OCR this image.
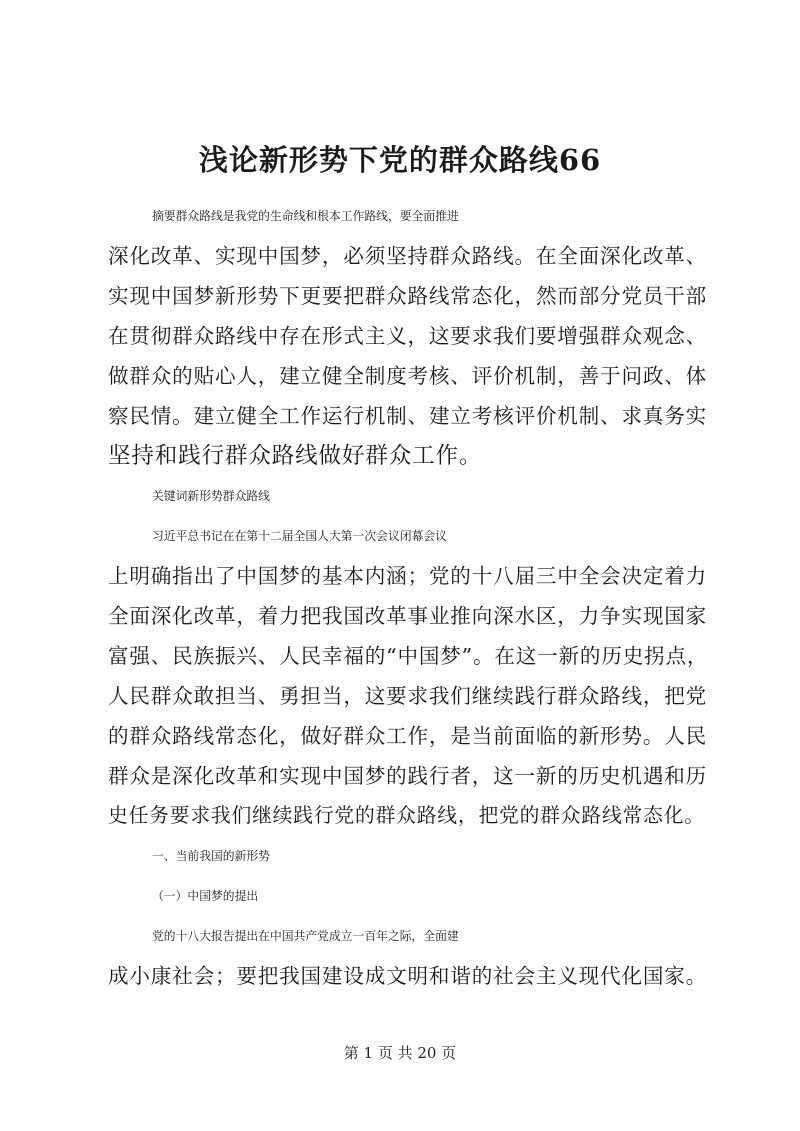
浅论新形势下党的群众路线66

摘要群众路线是我党的生命线和根本工作路线，要全面推进

深化改革、实现中国梦，必须坚持群众路线。在全面深化改革、

实现中国梦新形势下更要把群众路线常态化，然而部分党员干部

在贯彻群众路线中存在形式主义，这要求我们要增强群众观念、

做群众的贴心人，建立健全制度考核、评价机制，善于问政、体

察民情。建立健全工作运行机制、建立考核评价机制、求真务实

坚持和践行群众路线做好群众工作。

关键词新形势群众路线

习近平总书记在在第十二届全国人大第一次会议闭幕会议

上明确指出了中国梦的基本内涵；党的十八届三中全会决定着力

全面深化改革，着力把我国改革事业推向深水区，力争实现国家

富强、民族振兴、人民幸福的“中国梦”。在这一新的历史拐点，

人民群众敢担当、勇担当，这要求我们继续践行群众路线，把党

的群众路线常态化，做好群众工作，是当前面临的新形势。人民

群众是深化改革和实现中国梦的践行者，这一新的历史机遇和历

史任务要求我们继续践行党的群众路线，把党的群众路线常态化。

一、当前我国的新形势

（一）中国梦的提出

党的十八大报告提出在中国共产党成立一百年之际，全面建

成小康社会；要把我国建设成文明和谐的社会主义现代化国家。

第 1 页 共 20 页
